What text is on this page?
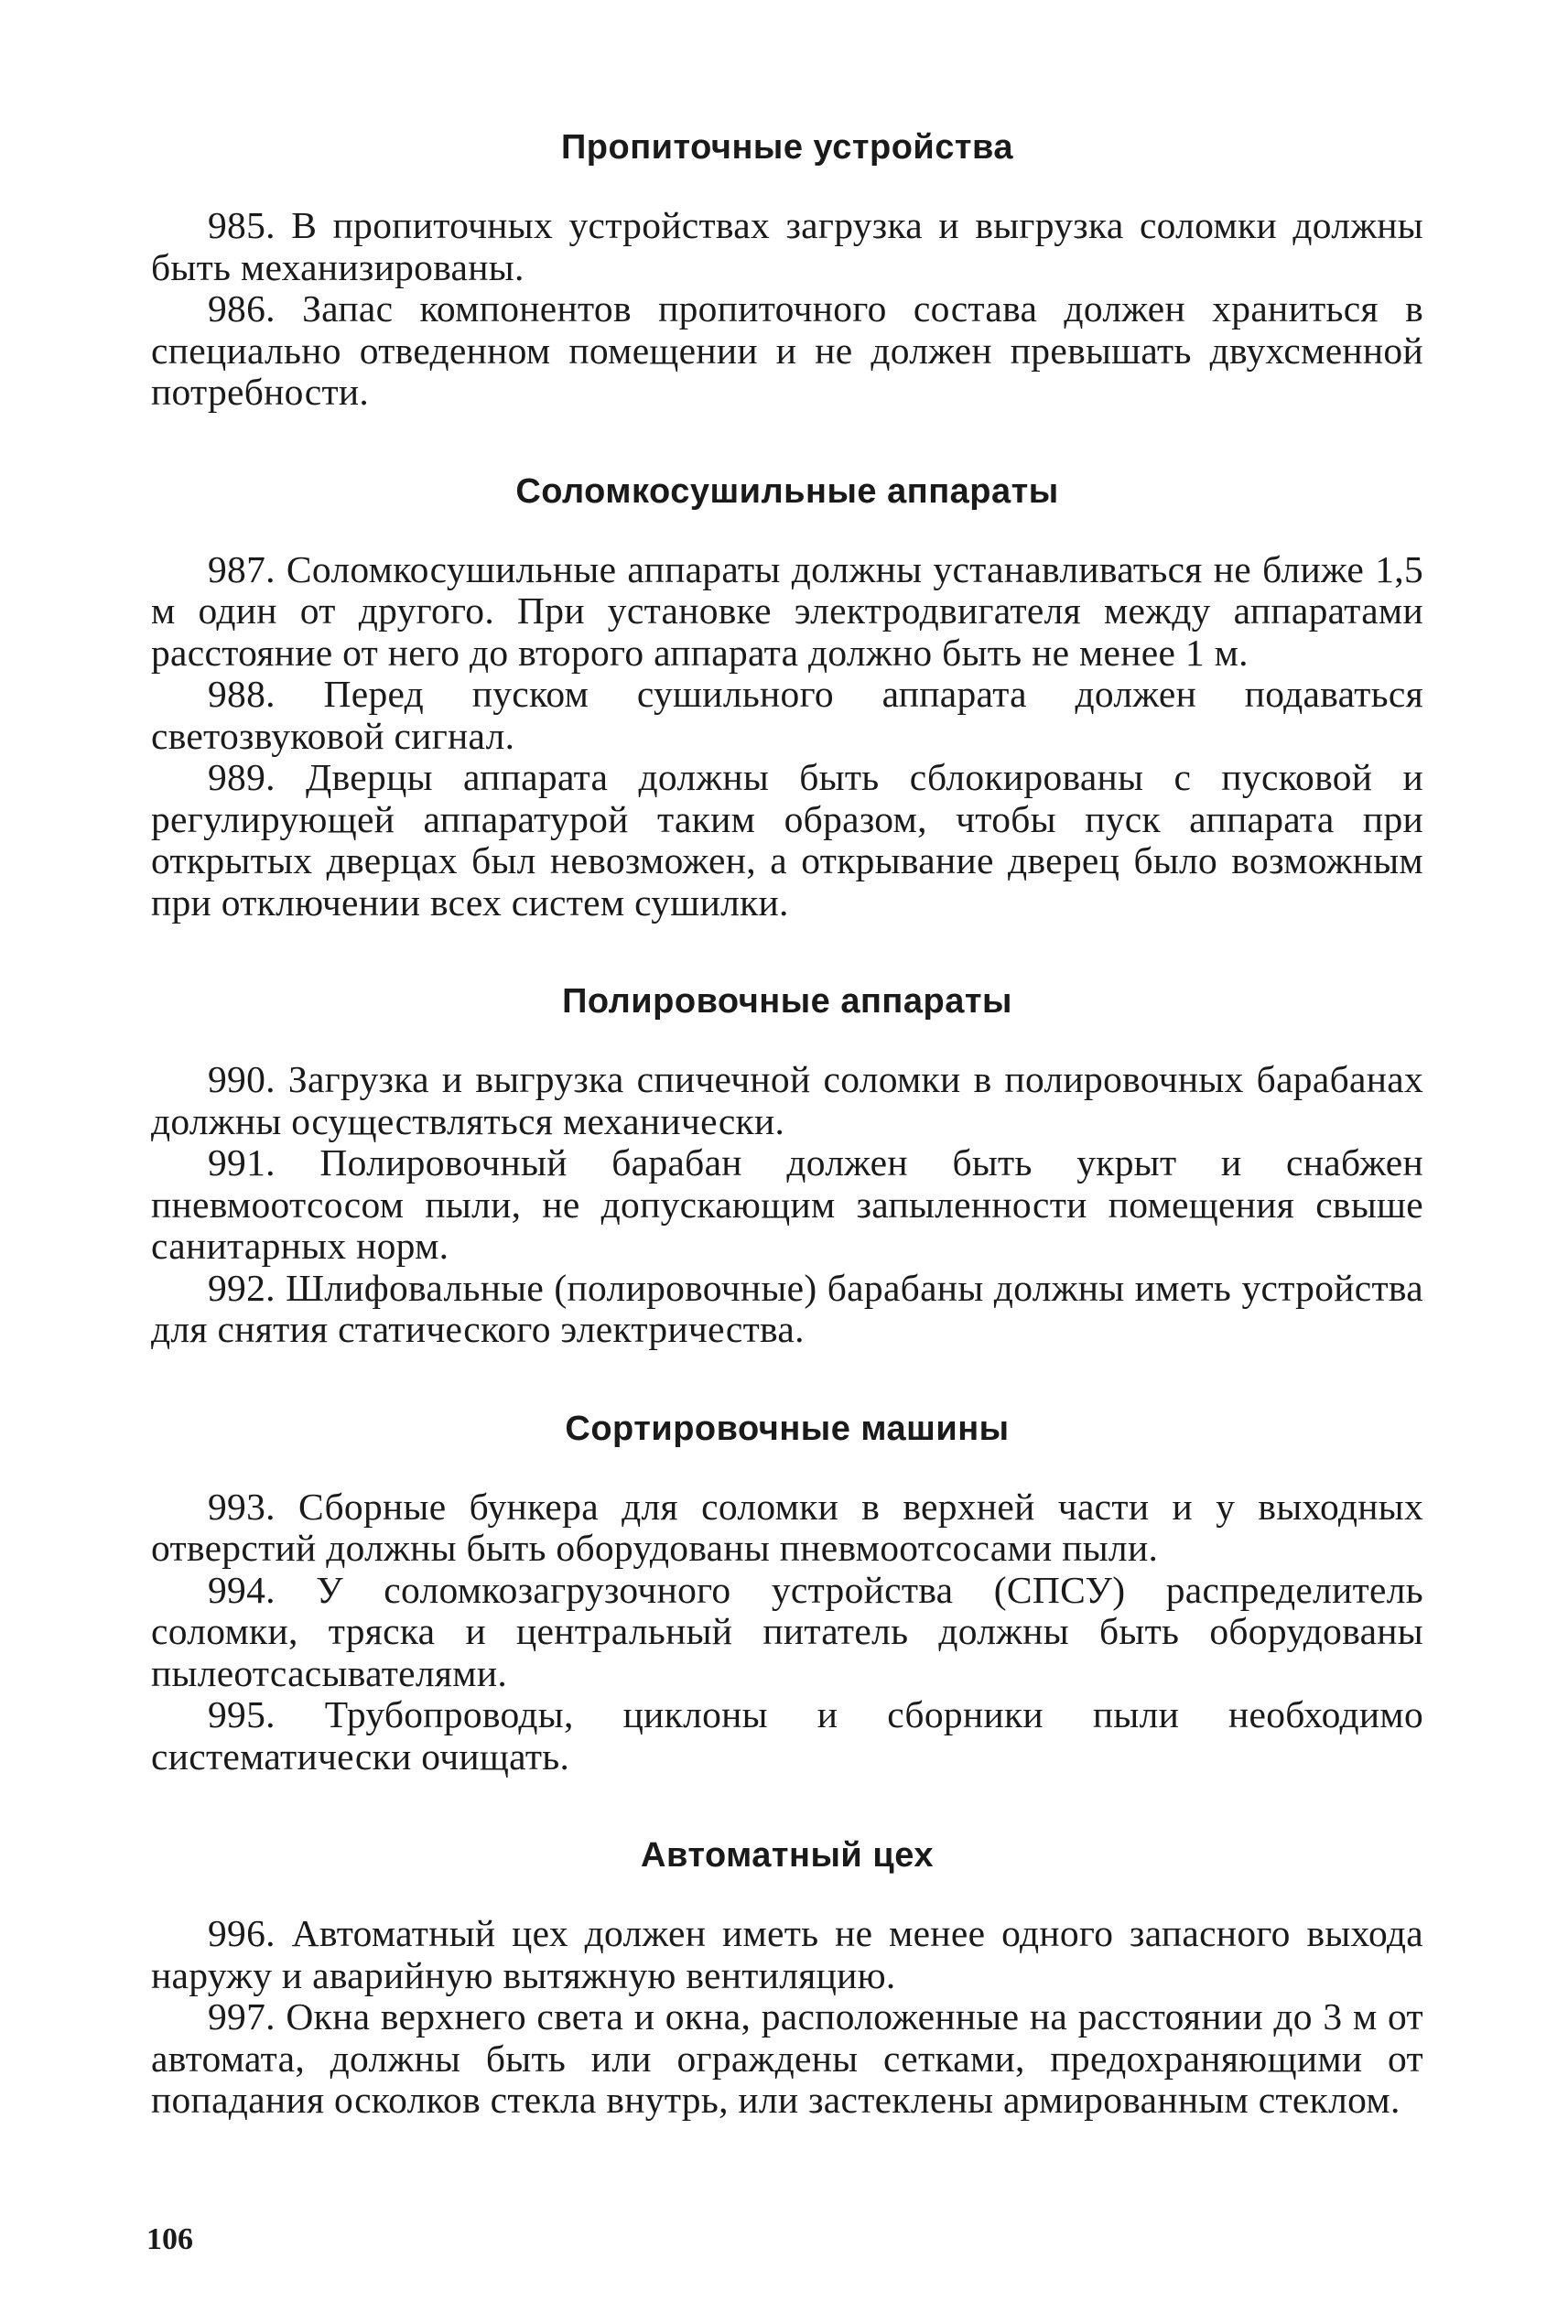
Пропиточные устройства

985. В пропиточных устройствах загрузка и выгрузка соломки должны быть механизированы.

986. Запас компонентов пропиточного состава должен храниться в специально отведенном помещении и не должен превышать двухсменной потребности.

Соломкосушильные аппараты

987. Соломкосушильные аппараты должны устанавливаться не ближе 1,5 м один от другого. При установке электродвигателя между аппаратами расстояние от него до второго аппарата должно быть не менее 1 м.

988. Перед пуском сушильного аппарата должен подаваться светозвуковой сигнал.

989. Дверцы аппарата должны быть сблокированы с пусковой и регулирующей аппаратурой таким образом, чтобы пуск аппарата при открытых дверцах был невозможен, а открывание дверец было возможным при отключении всех систем сушилки.

Полировочные аппараты

990. Загрузка и выгрузка спичечной соломки в полировочных барабанах должны осуществляться механически.

991. Полировочный барабан должен быть укрыт и снабжен пневмоотсосом пыли, не допускающим запыленности помещения свыше санитарных норм.

992. Шлифовальные (полировочные) барабаны должны иметь устройства для снятия статического электричества.

Сортировочные машины

993. Сборные бункера для соломки в верхней части и у выходных отверстий должны быть оборудованы пневмоотсосами пыли.

994. У соломкозагрузочного устройства (СПСУ) распределитель соломки, тряска и центральный питатель должны быть оборудованы пылеотсасывателями.

995. Трубопроводы, циклоны и сборники пыли необходимо систематически очищать.

Автоматный цех

996. Автоматный цех должен иметь не менее одного запасного выхода наружу и аварийную вытяжную вентиляцию.

997. Окна верхнего света и окна, расположенные на расстоянии до 3 м от автомата, должны быть или ограждены сетками, предохраняющими от попадания осколков стекла внутрь, или застеклены армированным стеклом.

106
